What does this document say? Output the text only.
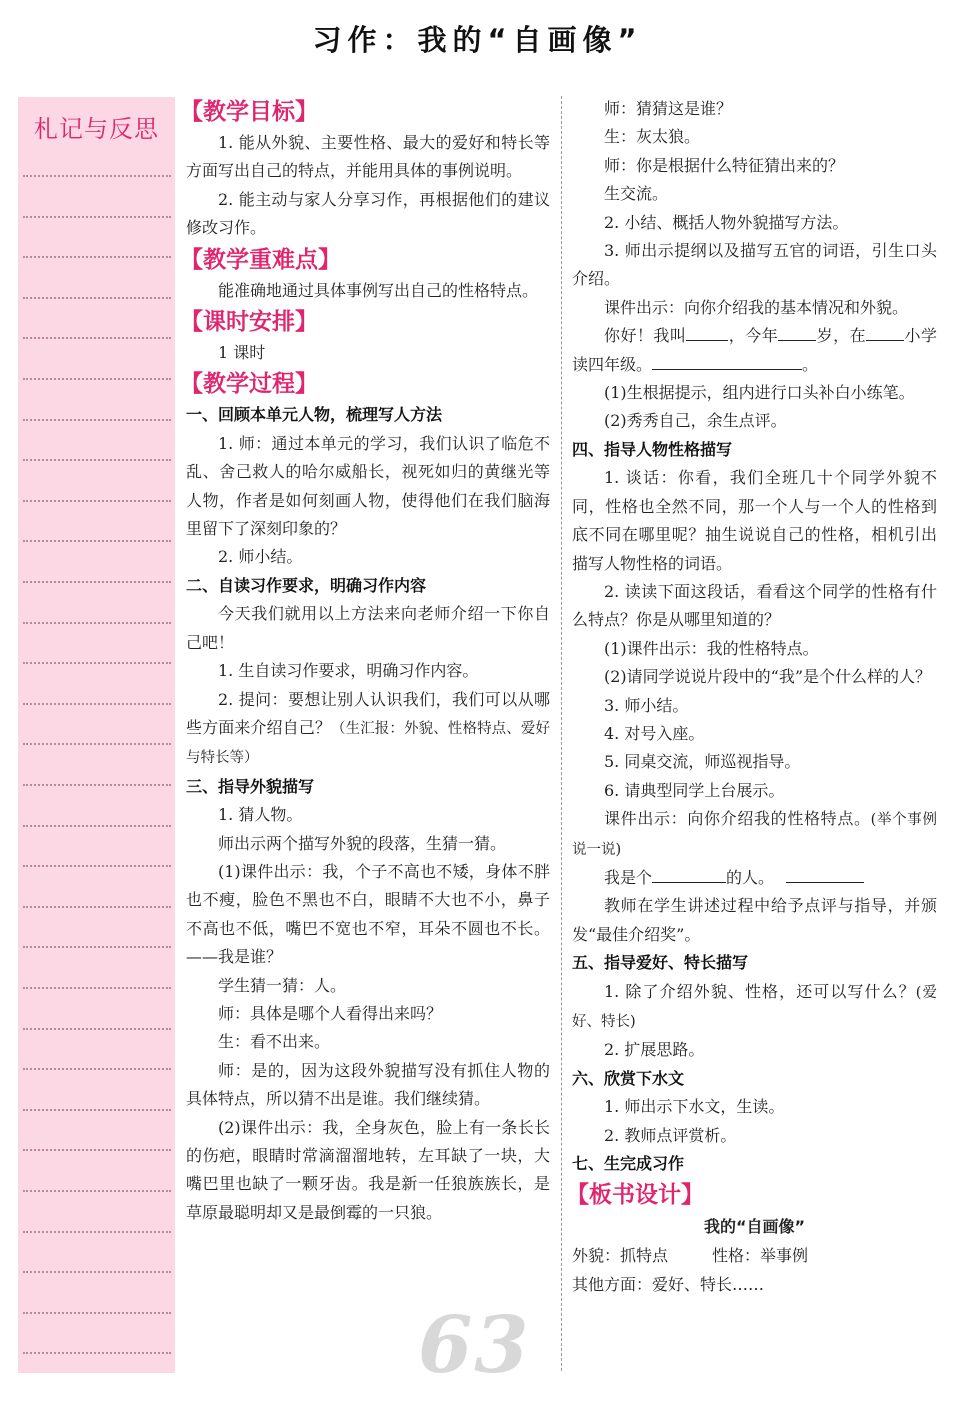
习作：我的“自画像”
札记与反思
【教学目标】
1. 能从外貌、主要性格、最大的爱好和特长等方面写出自己的特点，并能用具体的事例说明。
2. 能主动与家人分享习作，再根据他们的建议修改习作。
【教学重难点】
能准确地通过具体事例写出自己的性格特点。
【课时安排】
1 课时
【教学过程】
一、回顾本单元人物，梳理写人方法
1. 师：通过本单元的学习，我们认识了临危不乱、舍己救人的哈尔威船长，视死如归的黄继光等人物，作者是如何刻画人物，使得他们在我们脑海里留下了深刻印象的？
2. 师小结。
二、自读习作要求，明确习作内容
今天我们就用以上方法来向老师介绍一下你自己吧！
1. 生自读习作要求，明确习作内容。
2. 提问：要想让别人认识我们，我们可以从哪些方面来介绍自己？（生汇报：外貌、性格特点、爱好与特长等）
三、指导外貌描写
1. 猜人物。
师出示两个描写外貌的段落，生猜一猜。
(1)课件出示：我，个子不高也不矮，身体不胖也不瘦，脸色不黑也不白，眼睛不大也不小，鼻子不高也不低，嘴巴不宽也不窄，耳朵不圆也不长。——我是谁？
学生猜一猜：人。
师：具体是哪个人看得出来吗？
生：看不出来。
师：是的，因为这段外貌描写没有抓住人物的具体特点，所以猜不出是谁。我们继续猜。
(2)课件出示：我，全身灰色，脸上有一条长长的伤疤，眼睛时常滴溜溜地转，左耳缺了一块，大嘴巴里也缺了一颗牙齿。我是新一任狼族族长，是草原最聪明却又是最倒霉的一只狼。
师：猜猜这是谁？
生：灰太狼。
师：你是根据什么特征猜出来的？
生交流。
2. 小结、概括人物外貌描写方法。
3. 师出示提纲以及描写五官的词语，引生口头介绍。
课件出示：向你介绍我的基本情况和外貌。
你好！我叫	，今年 岁，在 小学读四年级。	。
(1)生根据提示，组内进行口头补白小练笔。
(2)秀秀自己，余生点评。
四、指导人物性格描写
1. 谈话：你看，我们全班几十个同学外貌不同，性格也全然不同，那一个人与一个人的性格到底不同在哪里呢？抽生说说自己的性格，相机引出描写人物性格的词语。
2. 读读下面这段话，看看这个同学的性格有什么特点？你是从哪里知道的？
(1)课件出示：我的性格特点。
(2)请同学说说片段中的“我”是个什么样的人？
3. 师小结。
4. 对号入座。
5. 同桌交流，师巡视指导。
6. 请典型同学上台展示。
课件出示：向你介绍我的性格特点。(举个事例说一说)
我是个	的人。
教师在学生讲述过程中给予点评与指导，并颁发“最佳介绍奖”。
五、指导爱好、特长描写
1. 除了介绍外貌、性格，还可以写什么？(爱好、特长)
2. 扩展思路。
六、欣赏下水文
1. 师出示下水文，生读。
2. 教师点评赏析。
七、生完成习作
【板书设计】
我的“自画像”
外貌：抓特点	性格：举事例
其他方面：爱好、特长……
63
